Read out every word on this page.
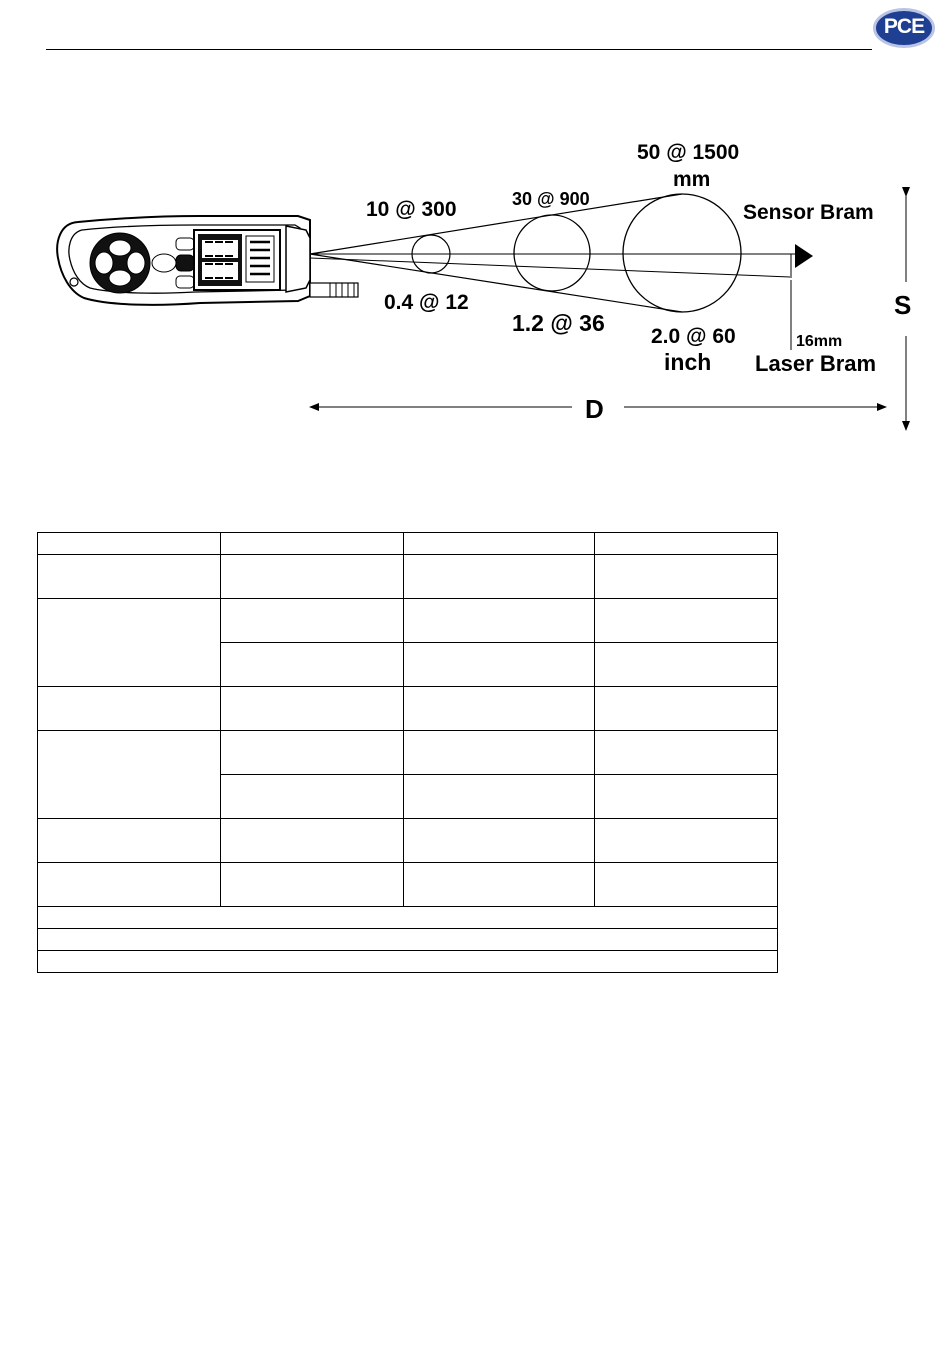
PCE
10 @ 300	30 @ 900
50 @ 1500
mm
Sensor Bram
0.4 @ 12
1.2 @ 36
2.0 @ 60
inch
16mm
Laser Bram
S
D
